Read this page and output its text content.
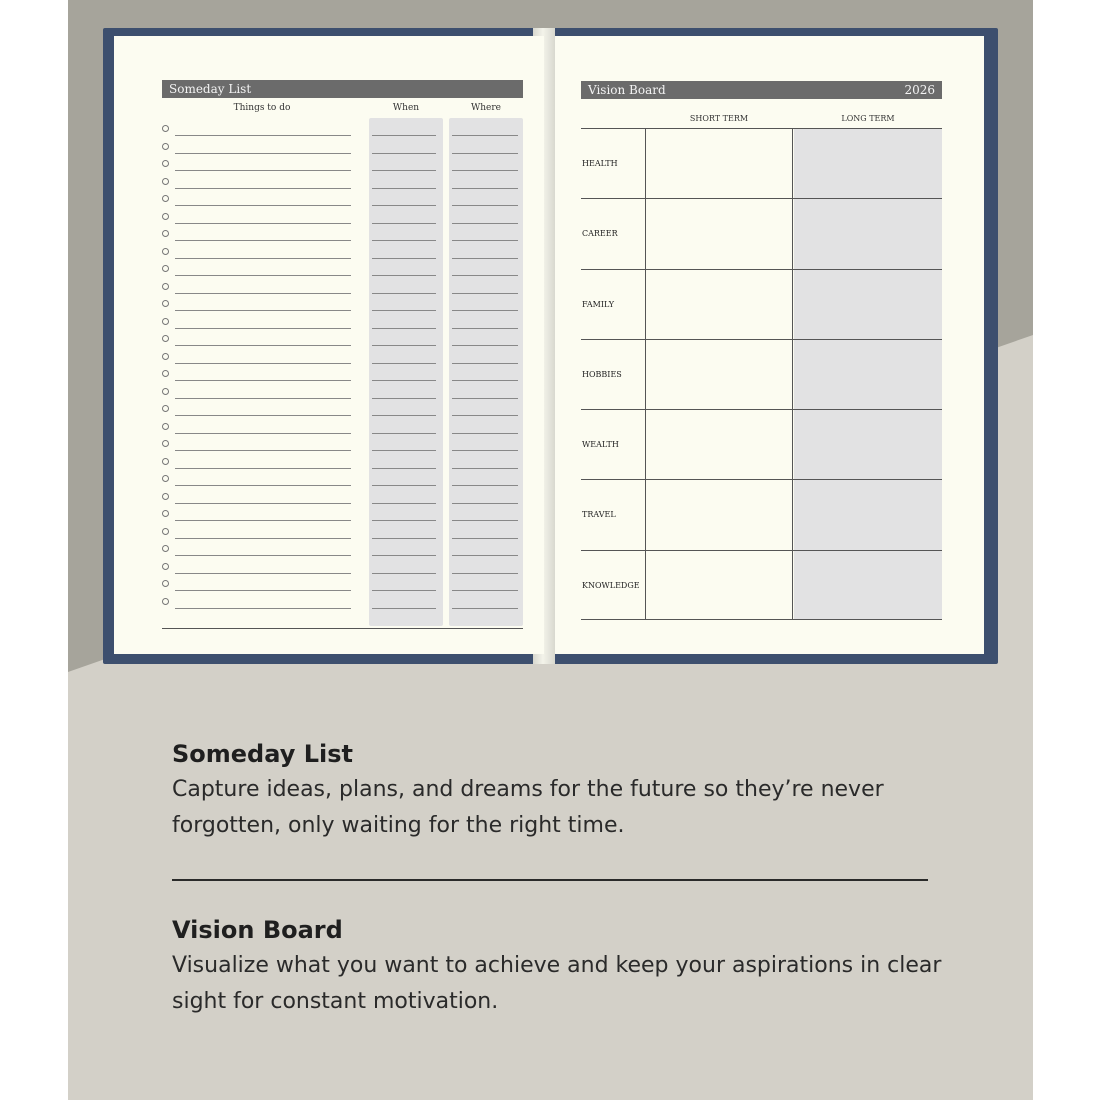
Someday List
Things to do	When	Where
Vision Board	2026
SHORT TERM	LONG TERM
HEALTH
CAREER
FAMILY
HOBBIES
WEALTH
TRAVEL
KNOWLEDGE
Someday List

Capture ideas, plans, and dreams for the future so they’re never forgotten, only waiting for the right time.

Vision Board

Visualize what you want to achieve and keep your aspirations in clear sight for constant motivation.
